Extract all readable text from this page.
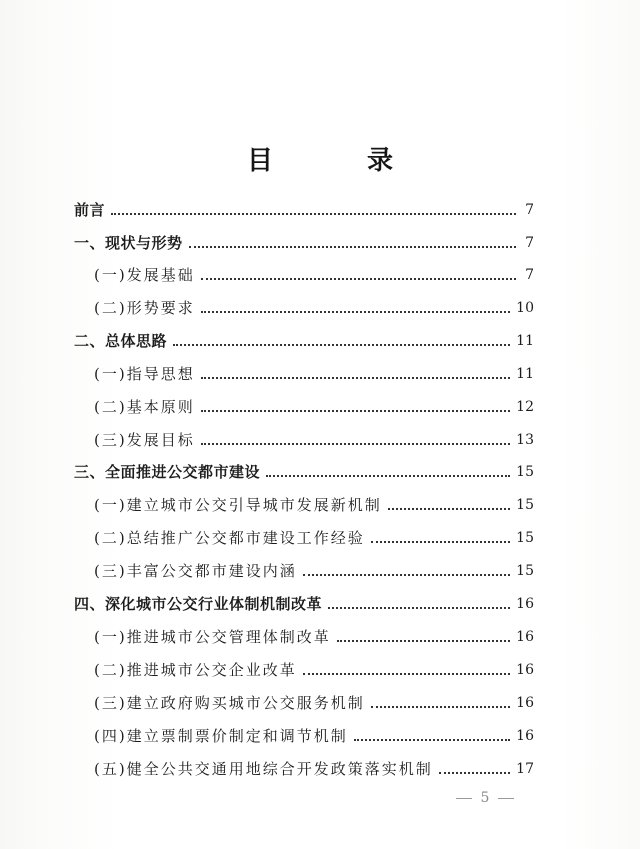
目　录
前言	7
一、现状与形势	7
(一)发展基础	7
(二)形势要求	10
二、总体思路	11
(一)指导思想	11
(二)基本原则	12
(三)发展目标	13
三、全面推进公交都市建设	15
(一)建立城市公交引导城市发展新机制	15
(二)总结推广公交都市建设工作经验	15
(三)丰富公交都市建设内涵	15
四、深化城市公交行业体制机制改革	16
(一)推进城市公交管理体制改革	16
(二)推进城市公交企业改革	16
(三)建立政府购买城市公交服务机制	16
(四)建立票制票价制定和调节机制	16
(五)健全公共交通用地综合开发政策落实机制	17
5
